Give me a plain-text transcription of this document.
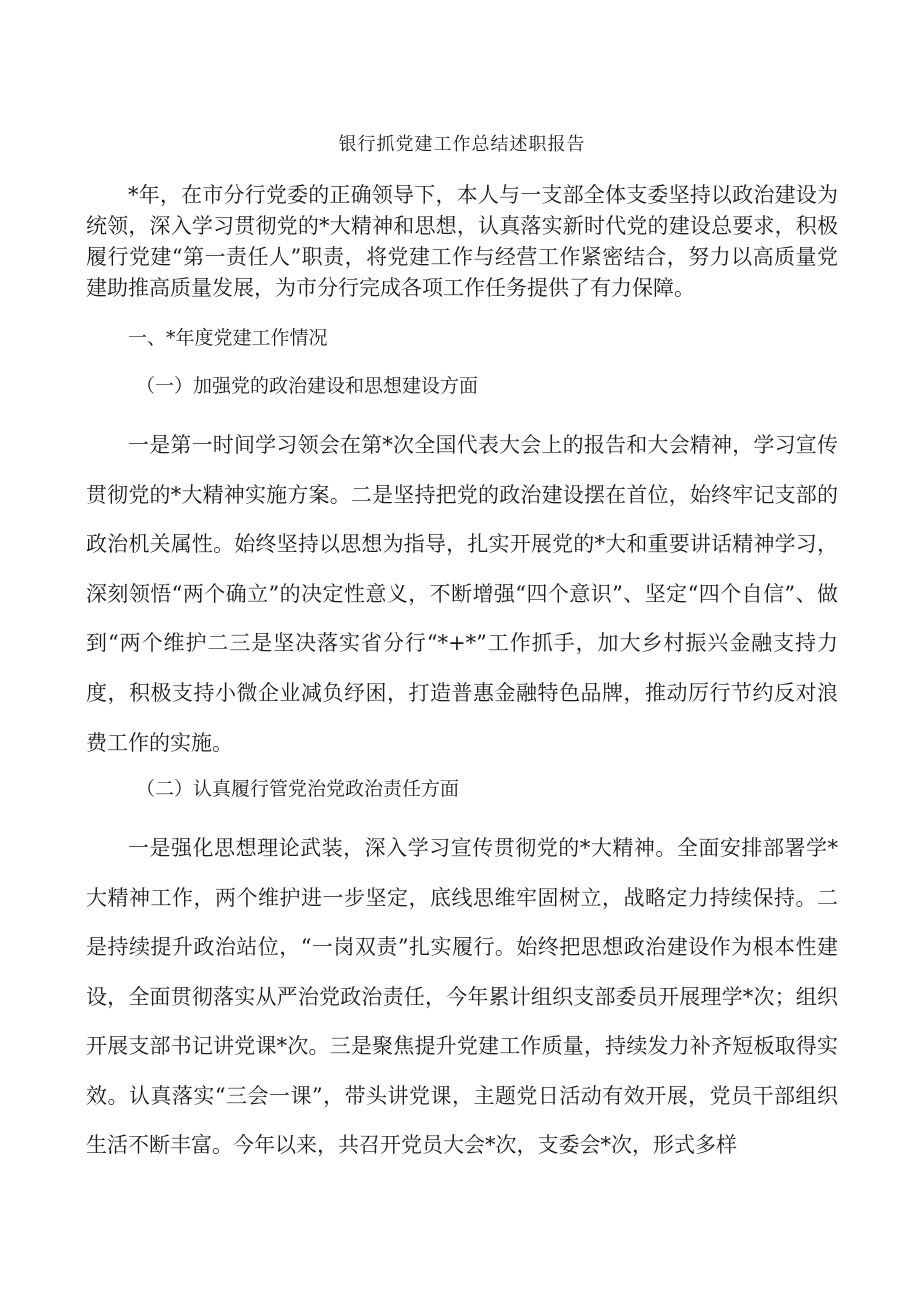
银行抓党建工作总结述职报告

*年，在市分行党委的正确领导下，本人与一支部全体支委坚持以政治建设为统领，深入学习贯彻党的*大精神和思想，认真落实新时代党的建设总要求，积极履行党建“第一责任人”职责，将党建工作与经营工作紧密结合，努力以高质量党建助推高质量发展，为市分行完成各项工作任务提供了有力保障。

一、*年度党建工作情况
（一）加强党的政治建设和思想建设方面

一是第一时间学习领会在第*次全国代表大会上的报告和大会精神，学习宣传贯彻党的*大精神实施方案。二是坚持把党的政治建设摆在首位，始终牢记支部的政治机关属性。始终坚持以思想为指导，扎实开展党的*大和重要讲话精神学习，深刻领悟“两个确立”的决定性意义，不断增强“四个意识”、坚定“四个自信”、做到“两个维护二三是坚决落实省分行“*+*”工作抓手，加大乡村振兴金融支持力度，积极支持小微企业减负纾困，打造普惠金融特色品牌，推动厉行节约反对浪费工作的实施。

（二）认真履行管党治党政治责任方面

一是强化思想理论武装，深入学习宣传贯彻党的*大精神。全面安排部署学*大精神工作，两个维护进一步坚定，底线思维牢固树立，战略定力持续保持。二是持续提升政治站位，“一岗双责”扎实履行。始终把思想政治建设作为根本性建设，全面贯彻落实从严治党政治责任，今年累计组织支部委员开展理学*次；组织开展支部书记讲党课*次。三是聚焦提升党建工作质量，持续发力补齐短板取得实效。认真落实“三会一课”，带头讲党课，主题党日活动有效开展，党员干部组织生活不断丰富。今年以来，共召开党员大会*次，支委会*次，形式多样
